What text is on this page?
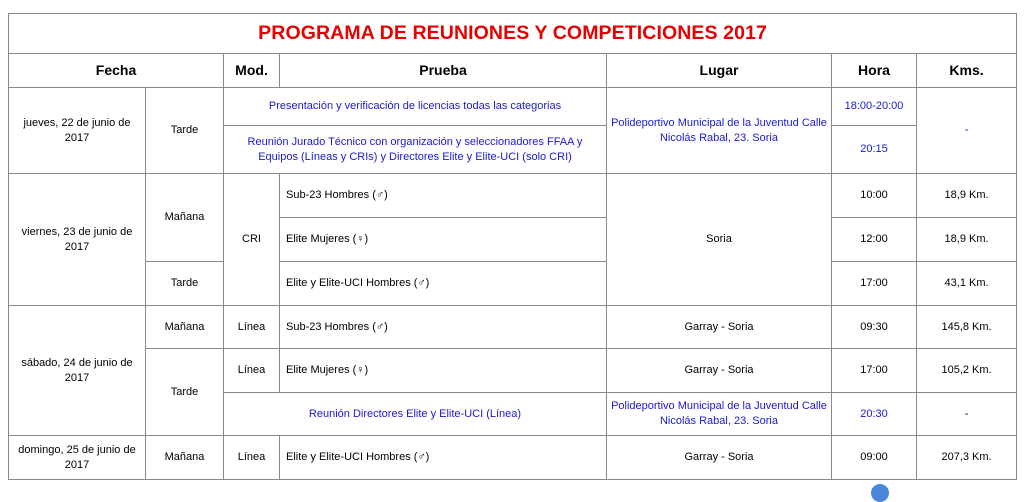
PROGRAMA DE REUNIONES Y COMPETICIONES 2017						
Fecha		Mod.	Prueba	Lugar	Hora	Kms.
jueves, 22 de junio de 2017	Tarde	Presentación y verificación de licencias todas las categorias		Polideportivo Municipal de la Juventud Calle Nicolás Rabal, 23. Soria	18:00-20:00	-
		Reunión Jurado Técnico con organización y seleccionadores FFAA y Equipos (Líneas y CRIs) y Directores Elite y Elite-UCI (solo CRI)			20:15	
viernes, 23 de junio de 2017	Mañana	CRI	Sub-23 Hombres (♂)	Soria	10:00	18,9 Km.
			Elite Mujeres (♀)		12:00	18,9 Km.
	Tarde		Elite y Elite-UCI Hombres (♂)		17:00	43,1 Km.
sábado, 24 de junio de 2017	Mañana	Línea	Sub-23 Hombres (♂)	Garray - Soria	09:30	145,8 Km.
	Tarde	Línea	Elite Mujeres (♀)	Garray - Soria	17:00	105,2 Km.
		Reunión Directores Elite y Elite-UCI (Línea)		Polideportivo Municipal de la Juventud Calle Nicolás Rabal, 23. Soria	20:30	-
domingo, 25 de junio de 2017	Mañana	Línea	Elite y Elite-UCI Hombres (♂)	Garray - Soria	09:00	207,3 Km.
